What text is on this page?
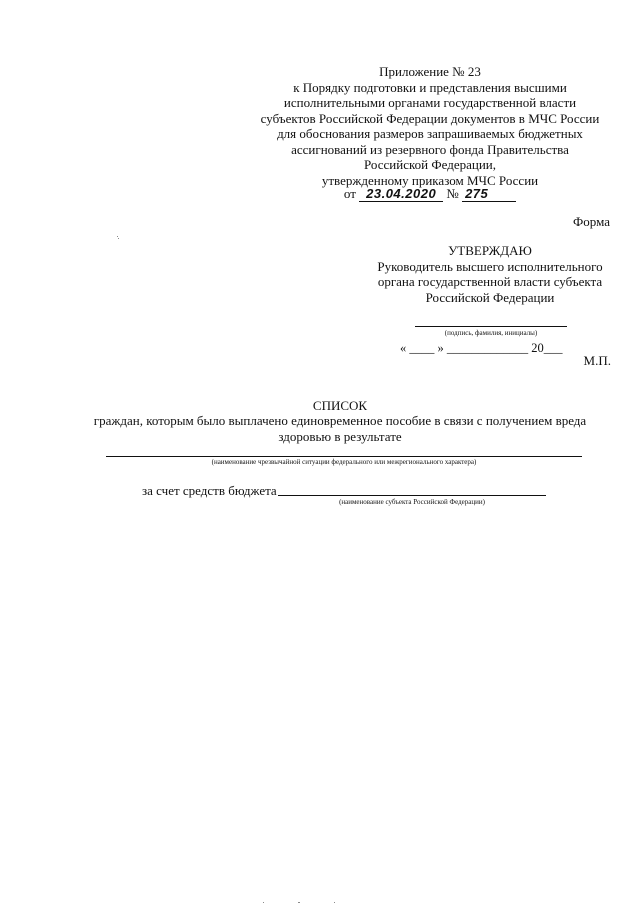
Приложение № 23
к Порядку подготовки и представления высшими
исполнительными органами государственной власти
субъектов Российской Федерации документов в МЧС России
для обоснования размеров запрашиваемых бюджетных
ассигнований из резервного фонда Правительства
Российской Федерации,
утвержденному приказом МЧС России
от 23.04.2020 № 275
Форма
УТВЕРЖДАЮ
Руководитель высшего исполнительного
органа государственной власти субъекта
Российской Федерации
(подпись, фамилия, инициалы)
« ____ » _____________ 20___
М.П.
СПИСОК
граждан, которым было выплачено единовременное пособие в связи с получением вреда
здоровью в результате
(наименование чрезвычайной ситуации федерального или межрегионального характера)
за счет средств бюджета
(наименование субъекта Российской Федерации)
